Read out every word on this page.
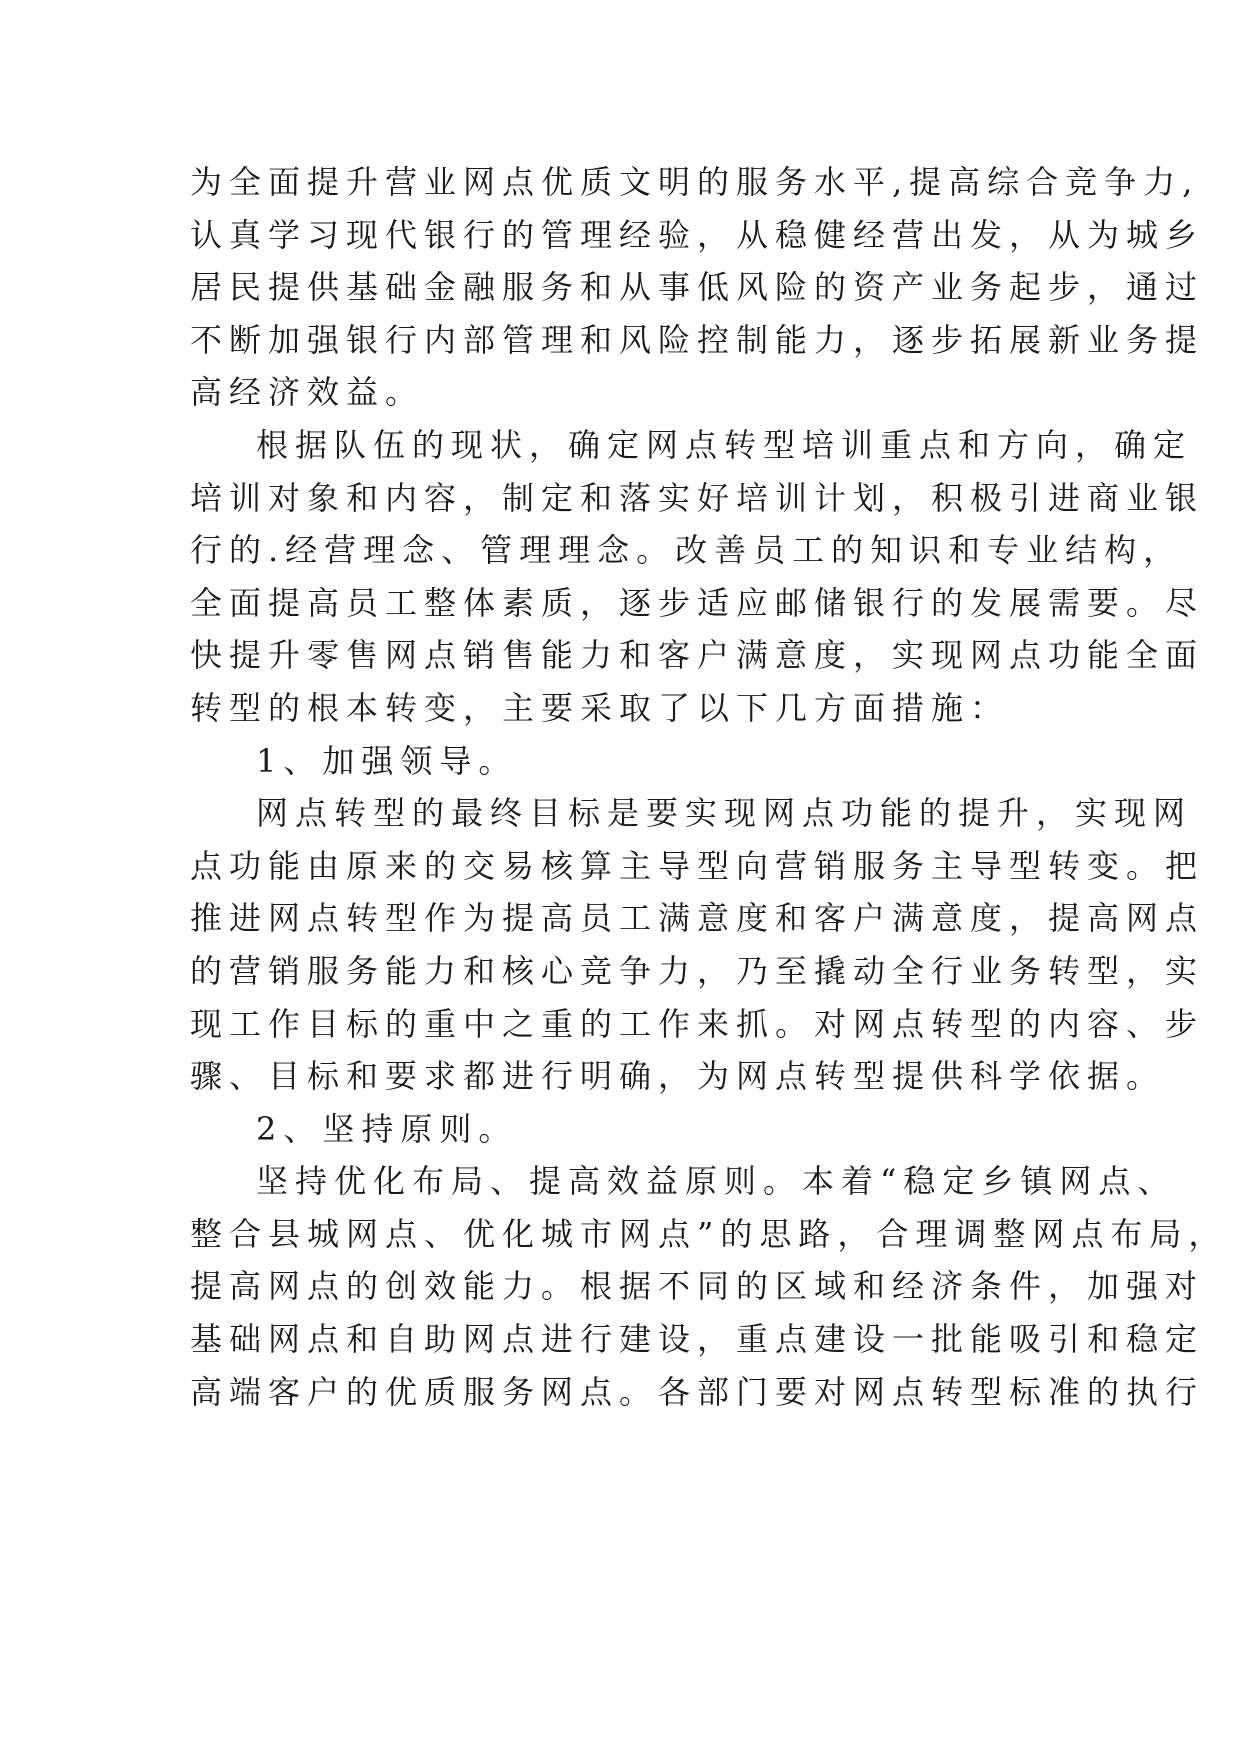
为全面提升营业网点优质文明的服务水平,提高综合竞争力,
认真学习现代银行的管理经验，从稳健经营出发，从为城乡
居民提供基础金融服务和从事低风险的资产业务起步，通过
不断加强银行内部管理和风险控制能力，逐步拓展新业务提
高经济效益。
根据队伍的现状，确定网点转型培训重点和方向，确定
培训对象和内容，制定和落实好培训计划，积极引进商业银
行的.经营理念、管理理念。改善员工的知识和专业结构，
全面提高员工整体素质，逐步适应邮储银行的发展需要。尽
快提升零售网点销售能力和客户满意度，实现网点功能全面
转型的根本转变，主要采取了以下几方面措施：
1、加强领导。
网点转型的最终目标是要实现网点功能的提升，实现网
点功能由原来的交易核算主导型向营销服务主导型转变。把
推进网点转型作为提高员工满意度和客户满意度，提高网点
的营销服务能力和核心竞争力，乃至撬动全行业务转型，实
现工作目标的重中之重的工作来抓。对网点转型的内容、步
骤、目标和要求都进行明确，为网点转型提供科学依据。
2、坚持原则。
坚持优化布局、提高效益原则。本着“稳定乡镇网点、
整合县城网点、优化城市网点”的思路，合理调整网点布局，
提高网点的创效能力。根据不同的区域和经济条件，加强对
基础网点和自助网点进行建设，重点建设一批能吸引和稳定
高端客户的优质服务网点。各部门要对网点转型标准的执行
